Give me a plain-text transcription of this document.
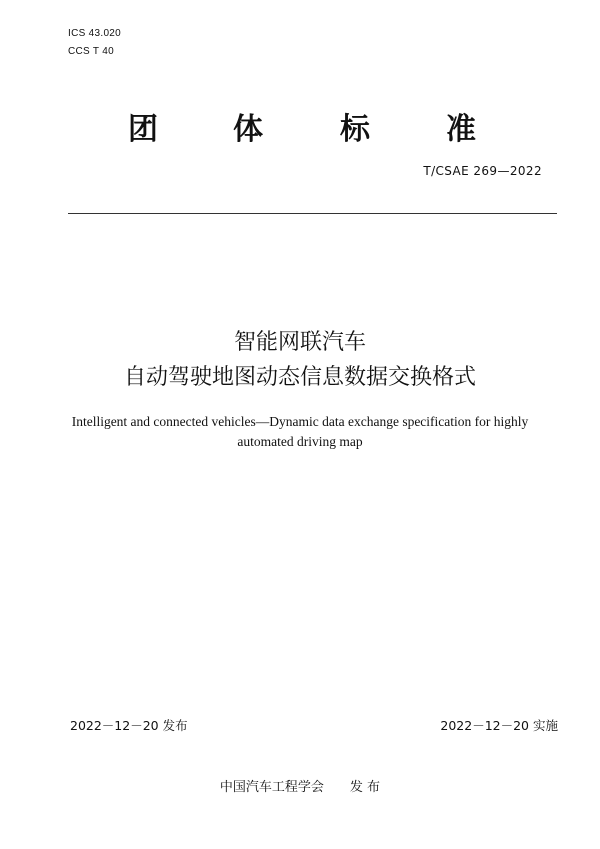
ICS 43.020
CCS T 40
团	体	标	准
T/CSAE 269—2022
智能网联汽车
自动驾驶地图动态信息数据交换格式
Intelligent and connected vehicles—Dynamic data exchange specification for highly automated driving map
2022－12－20 发布	2022－12－20 实施
中国汽车工程学会　　发 布
